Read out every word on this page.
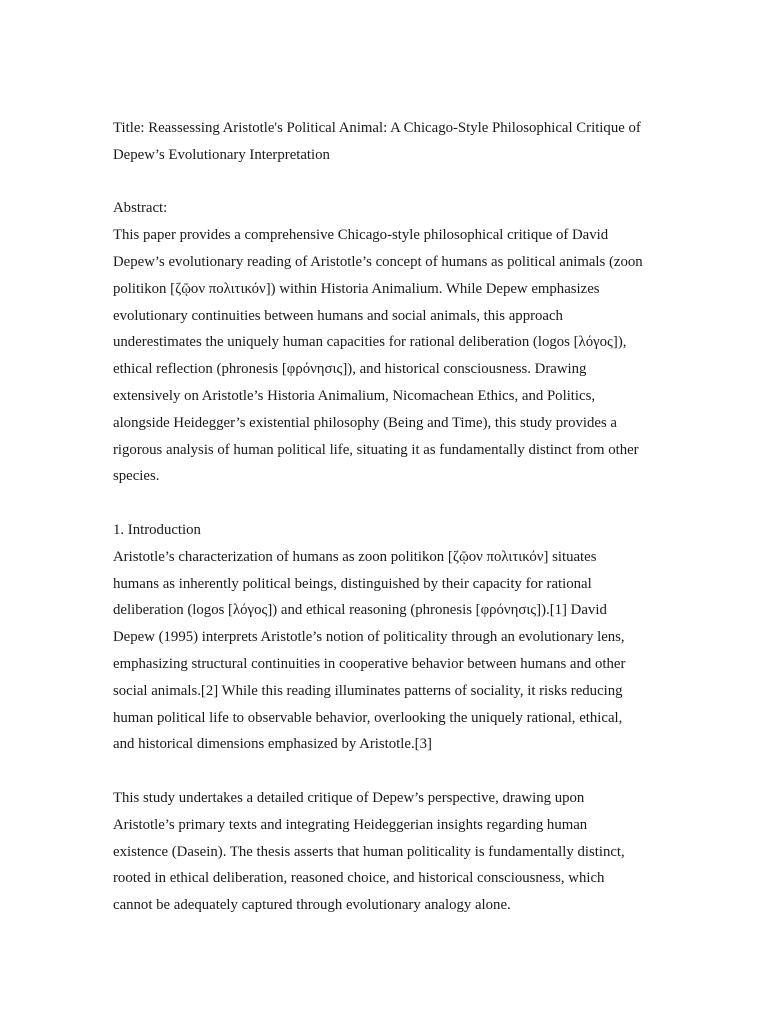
Title: Reassessing Aristotle's Political Animal: A Chicago-Style Philosophical Critique of
Depew’s Evolutionary Interpretation
Abstract:
This paper provides a comprehensive Chicago-style philosophical critique of David
Depew’s evolutionary reading of Aristotle’s concept of humans as political animals (zoon
politikon [ζῷον πολιτικόν]) within Historia Animalium. While Depew emphasizes
evolutionary continuities between humans and social animals, this approach
underestimates the uniquely human capacities for rational deliberation (logos [λόγος]),
ethical reflection (phronesis [φρόνησις]), and historical consciousness. Drawing
extensively on Aristotle’s Historia Animalium, Nicomachean Ethics, and Politics,
alongside Heidegger’s existential philosophy (Being and Time), this study provides a
rigorous analysis of human political life, situating it as fundamentally distinct from other
species.
1. Introduction
Aristotle’s characterization of humans as zoon politikon [ζῷον πολιτικόν] situates
humans as inherently political beings, distinguished by their capacity for rational
deliberation (logos [λόγος]) and ethical reasoning (phronesis [φρόνησις]).[1] David
Depew (1995) interprets Aristotle’s notion of politicality through an evolutionary lens,
emphasizing structural continuities in cooperative behavior between humans and other
social animals.[2] While this reading illuminates patterns of sociality, it risks reducing
human political life to observable behavior, overlooking the uniquely rational, ethical,
and historical dimensions emphasized by Aristotle.[3]
This study undertakes a detailed critique of Depew’s perspective, drawing upon
Aristotle’s primary texts and integrating Heideggerian insights regarding human
existence (Dasein). The thesis asserts that human politicality is fundamentally distinct,
rooted in ethical deliberation, reasoned choice, and historical consciousness, which
cannot be adequately captured through evolutionary analogy alone.
